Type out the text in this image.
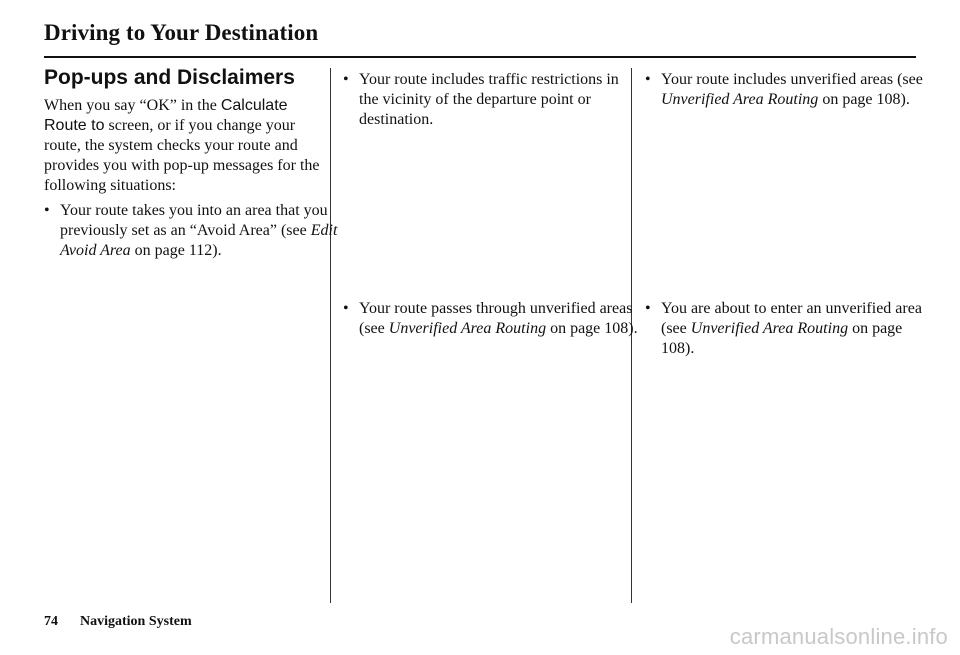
Driving to Your Destination
Pop-ups and Disclaimers
When you say “OK” in the Calculate Route to screen, or if you change your route, the system checks your route and provides you with pop-up messages for the following situations:
• Your route takes you into an area that you previously set as an “Avoid Area” (see Edit Avoid Area on page 112).
• Your route includes traffic restrictions in the vicinity of the departure point or destination.
• Your route passes through unverified areas (see Unverified Area Routing on page 108).
• Your route includes unverified areas (see Unverified Area Routing on page 108).
• You are about to enter an unverified area (see Unverified Area Routing on page 108).
74 Navigation System
carmanualsonline.info
